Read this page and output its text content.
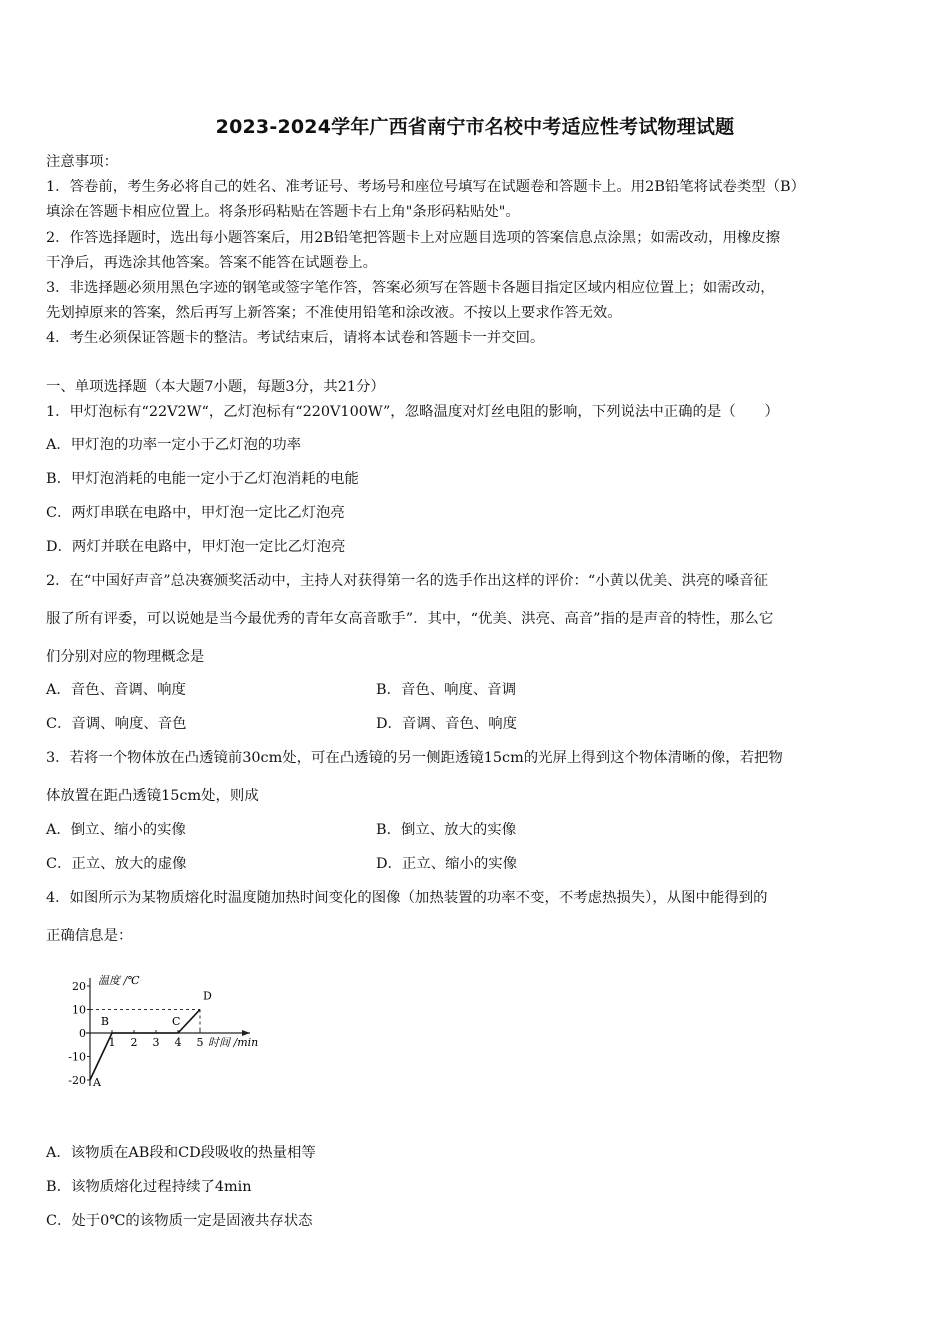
2023-2024学年广西省南宁市名校中考适应性考试物理试题
注意事项：
1．答卷前，考生务必将自己的姓名、准考证号、考场号和座位号填写在试题卷和答题卡上。用2B铅笔将试卷类型（B）
填涂在答题卡相应位置上。将条形码粘贴在答题卡右上角"条形码粘贴处"。
2．作答选择题时，选出每小题答案后，用2B铅笔把答题卡上对应题目选项的答案信息点涂黑；如需改动，用橡皮擦
干净后，再选涂其他答案。答案不能答在试题卷上。
3．非选择题必须用黑色字迹的钢笔或签字笔作答，答案必须写在答题卡各题目指定区域内相应位置上；如需改动，
先划掉原来的答案，然后再写上新答案；不准使用铅笔和涂改液。不按以上要求作答无效。
4．考生必须保证答题卡的整洁。考试结束后，请将本试卷和答题卡一并交回。
一、单项选择题（本大题7小题，每题3分，共21分）
1．甲灯泡标有“22V2W“，乙灯泡标有“220V100W”，忽略温度对灯丝电阻的影响，下列说法中正确的是（　　）
A．甲灯泡的功率一定小于乙灯泡的功率
B．甲灯泡消耗的电能一定小于乙灯泡消耗的电能
C．两灯串联在电路中，甲灯泡一定比乙灯泡亮
D．两灯并联在电路中，甲灯泡一定比乙灯泡亮
2．在“中国好声音”总决赛颁奖活动中，主持人对获得第一名的选手作出这样的评价：“小黄以优美、洪亮的嗓音征
服了所有评委，可以说她是当今最优秀的青年女高音歌手”．其中，“优美、洪亮、高音”指的是声音的特性，那么它
们分别对应的物理概念是
A．音色、音调、响度	B．音色、响度、音调
C．音调、响度、音色	D．音调、音色、响度
3．若将一个物体放在凸透镜前30cm处，可在凸透镜的另一侧距透镜15cm的光屏上得到这个物体清晰的像，若把物
体放置在距凸透镜15cm处，则成
A．倒立、缩小的实像	B．倒立、放大的实像
C．正立、放大的虚像	D．正立、缩小的实像
4．如图所示为某物质熔化时温度随加热时间变化的图像（加热装置的功率不变，不考虑热损失），从图中能得到的
正确信息是：
20
10
0
-10
-20
1 2 3 4 5
温度 /℃
时间 /min
A
B	C
D
A．该物质在AB段和CD段吸收的热量相等
B．该物质熔化过程持续了4min
C．处于0℃的该物质一定是固液共存状态
